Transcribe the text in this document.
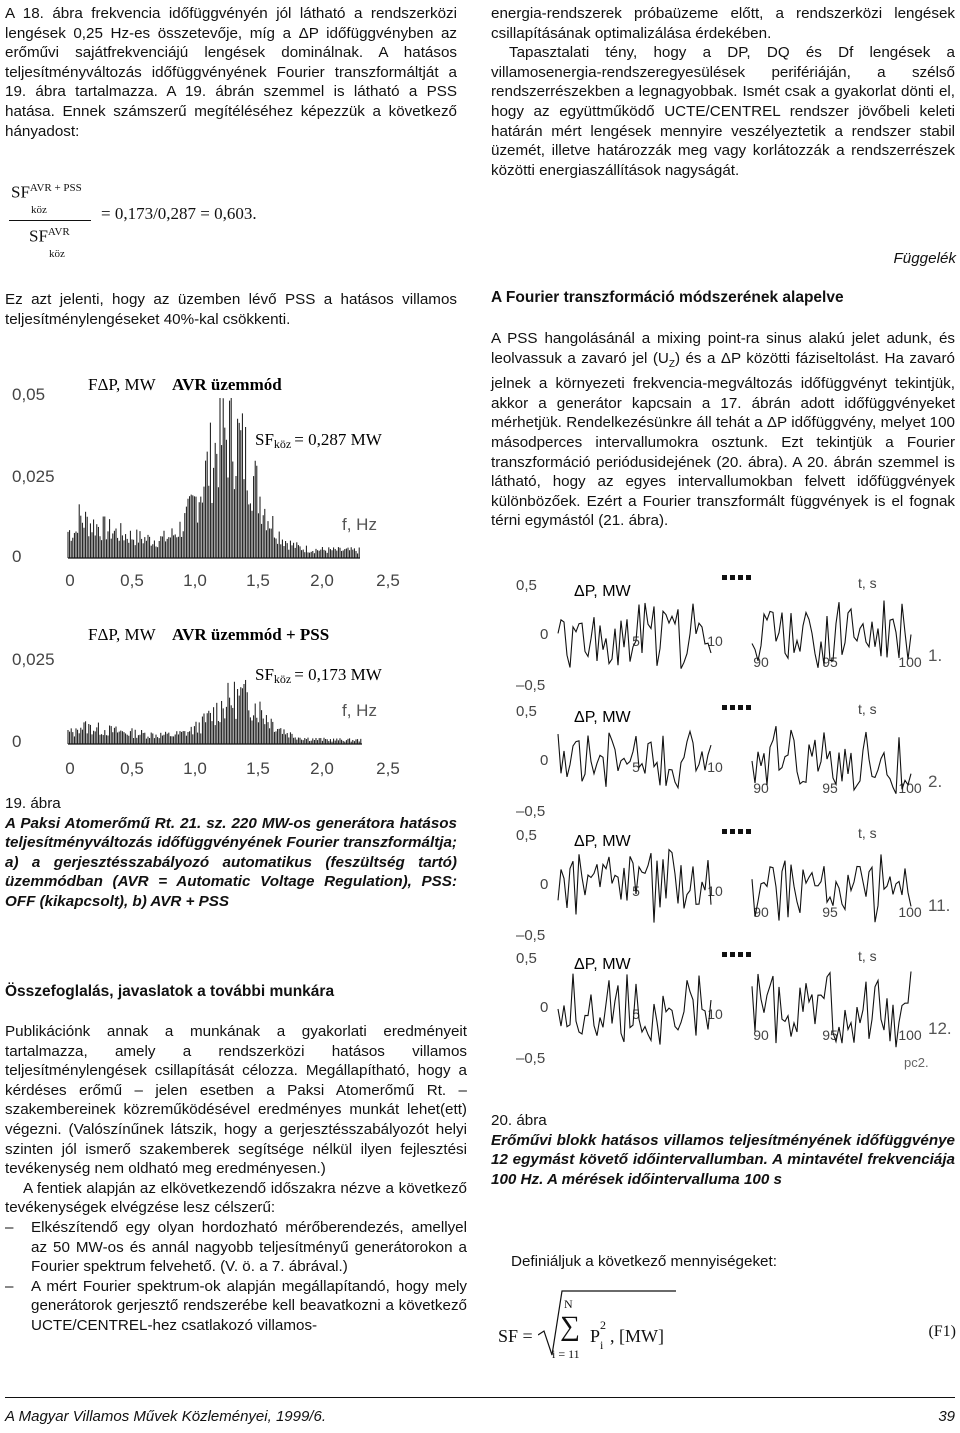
A 18. ábra frekvencia időfüggvényén jól látható a rendszerközi lengések 0,25 Hz-es összetevője, míg a ΔP időfüggvényben az erőművi sajátfrekvenciájú lengések dominálnak. A hatásos teljesítményváltozás időfüggvényének Fourier transzformáltját a 19. ábra tartalmazza. A 19. ábrán szemmel is látható a PSS hatása. Ennek számszerű megítéléséhez képezzük a következő hányadost:

$SF^{AVR + PSS}$
köz
$SF^{AVR}$
köz
= 0,173/0,287 = 0,603.

Ez azt jelenti, hogy az üzemben lévő PSS a hatásos villamos teljesítménylengéseket 40%-kal csökkenti.

0,05
0,025
0
0	0,5 1,0 1,5 2,0 2,5
FΔP, MW AVR üzemmód
SFköz = 0,287 MW
f, Hz
0,025
0
0	0,5 1,0 1,5 2,0 2,5
FΔP, MW AVR üzemmód + PSS
SFköz = 0,173 MW
f, Hz
19. ábra
A Paksi Atomerőmű Rt. 21. sz. 220 MW-os generátora hatásos teljesítményváltozás időfüggvényének Fourier transzformáltja; a) a gerjesztésszabályozó automatikus (feszültség tartó) üzemmódban (AVR = Automatic Voltage Regulation), PSS: OFF (kikapcsolt), b) AVR + PSS
Összefoglalás, javaslatok a további munkára

Publikációnk annak a munkának a gyakorlati eredményeit tartalmazza, amely a rendszerközi hatásos villamos teljesítménylengések csillapítását célozza. Megállapítható, hogy a kérdéses erőmű – jelen esetben a Paksi Atomerőmű Rt. – szakembereinek közreműködésével eredményes munkát lehet(ett) végezni. (Valószínűnek látszik, hogy a gerjesztésszabályozót helyi szinten jól ismerő szakemberek segítsége nélkül ilyen fejlesztési tevékenység nem oldható meg eredményesen.)

A fentiek alapján az elkövetkezendő időszakra nézve a következő tevékenységek elvégzése lesz célszerű:

– Elkészítendő egy olyan hordozható mérőberendezés, amellyel az 50 MW-os és annál nagyobb teljesítményű generátorokon a Fourier spektrum felvehető. (V. ö. a 7. ábrával.)

– A mért Fourier spektrum-ok alapján megállapítandó, hogy mely generátorok gerjesztő rendszerébe kell beavatkozni a következő UCTE/CENTREL-hez csatlakozó villamos-

energia-rendszerek próbaüzeme előtt, a rendszerközi lengések csillapításának optimalizálása érdekében.

Tapasztalati tény, hogy a DP, DQ és Df lengések a villamosenergia-rendszeregyesülések perifériáján, a szélső rendszerrészekben a legnagyobbak. Ismét csak a gyakorlat dönti el, hogy az együttműködő UCTE/CENTREL rendszer jövőbeli keleti határán mért lengések mennyire veszélyeztetik a rendszer stabil üzemét, illetve határozzák meg vagy korlátozzák a rendszerrészek közötti energiaszállítások nagyságát.

Függelék
A Fourier transzformáció módszerének alapelve

A PSS hangolásánál a mixing point-ra sinus alakú jelet adunk, és leolvassuk a zavaró jel $(U_Z)$ és a ΔP közötti fáziseltolást. Ha zavaró jelnek a környezeti frekvencia-megváltozás időfüggvényt tekintjük, akkor a generátor kapcsain a 17. ábrán adott időfüggvényeket mérhetjük. Rendelkezésünkre áll tehát a ΔP időfüggvény, melyet 100 másodperces intervallumokra osztunk. Ezt tekintjük a Fourier transzformáció periódusidejének (20. ábra). A 20. ábrán szemmel is látható, hogy az egyes intervallumokban felvett időfüggvények különbözőek. Ezért a Fourier transzformált függvények is el fognak térni egymástól (21. ábra).

0,5
0
–0,5
ΔP, MW	t, s
1.
5	10
90	95	100
0,5
0
–0,5
ΔP, MW	t, s
2.
5	10
90	95	100
0,5
0
–0,5
ΔP, MW	t, s
11.
5	10
90	95	100
0,5
0
–0,5
ΔP, MW	t, s
12.
5	10
90	95	100
pc2.
20. ábra
Erőművi blokk hatásos villamos teljesítményének időfüggvénye 12 egymást követő időintervallumban. A mintavétel frekvenciája 100 Hz. A mérések időintervalluma 100 s
Definiáljuk a következő mennyiségeket:
SF =
N
∑
i = 11
P
2
i , [MW]	(F1)
A Magyar Villamos Művek Közleményei, 1999/6.	39
